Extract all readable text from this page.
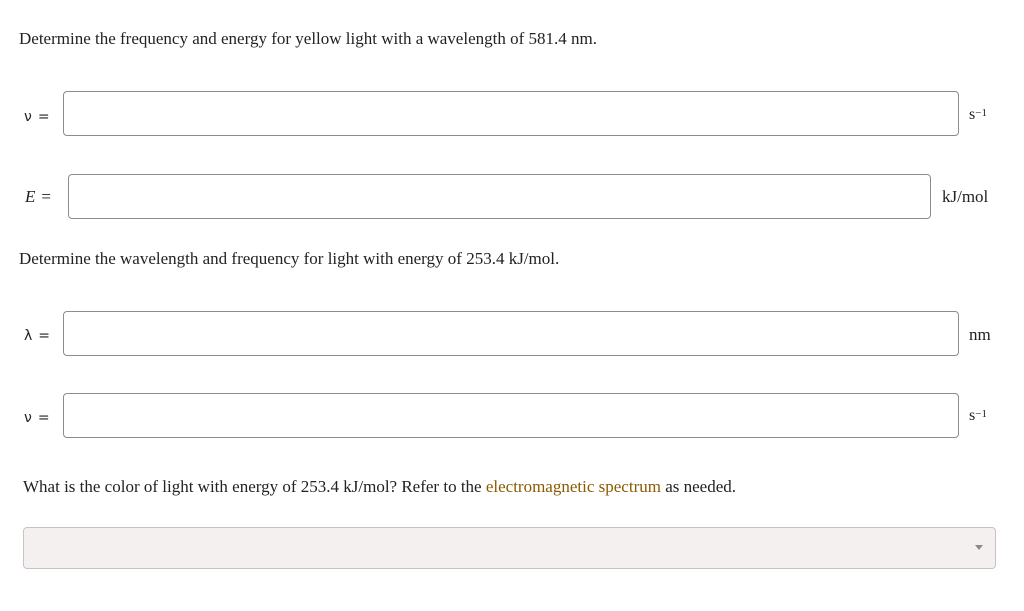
Determine the frequency and energy for yellow light with a wavelength of 581.4 nm.
ν =	$s^{-1}$
E =	kJ/mol
Determine the wavelength and frequency for light with energy of 253.4 kJ/mol.
λ =	nm
ν =	$s^{-1}$
What is the color of light with energy of 253.4 kJ/mol? Refer to the electromagnetic spectrum as needed.
